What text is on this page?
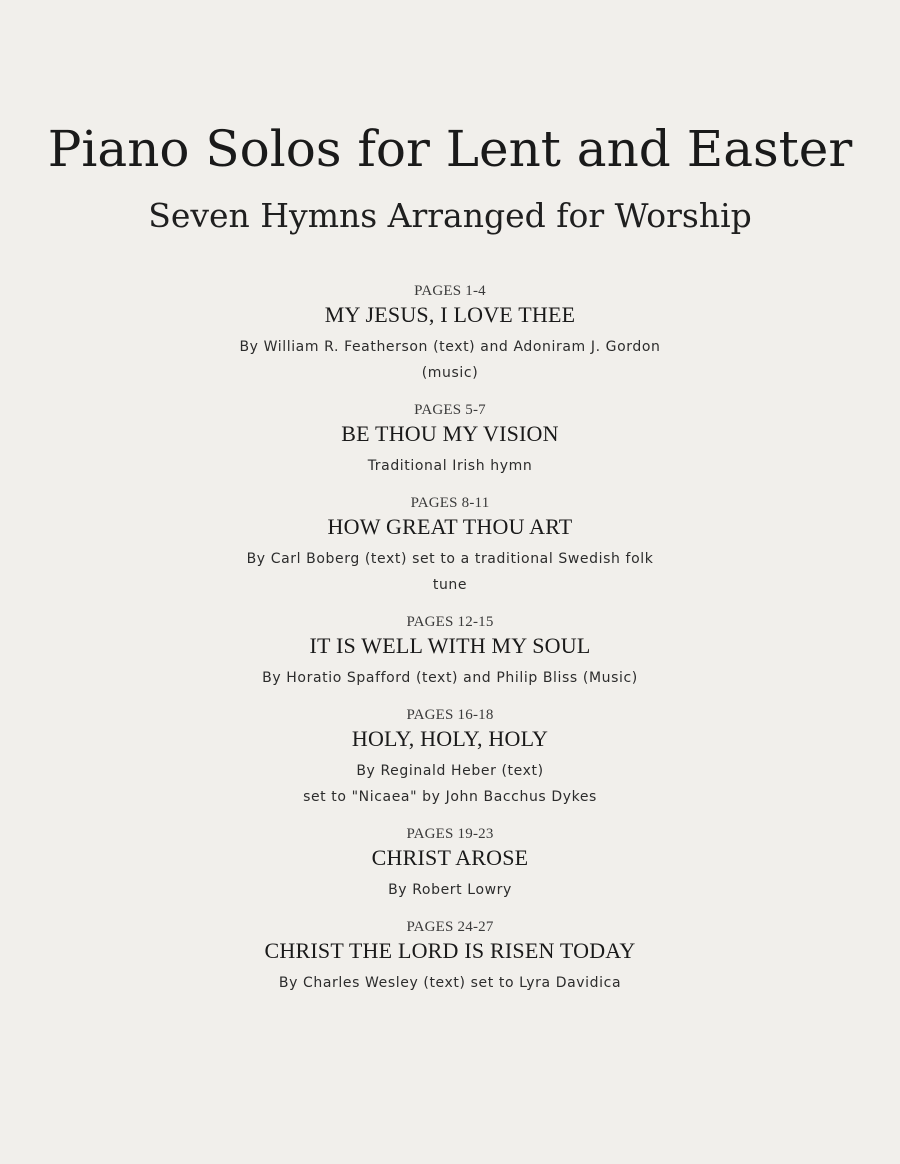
Piano Solos for Lent and Easter
Seven Hymns Arranged for Worship
PAGES 1-4
MY JESUS, I LOVE THEE
By William R. Featherson (text) and Adoniram J. Gordon (music)
PAGES 5-7
BE THOU MY VISION
Traditional Irish hymn
PAGES 8-11
HOW GREAT THOU ART
By Carl Boberg (text) set to a traditional Swedish folk tune
PAGES 12-15
IT IS WELL WITH MY SOUL
By Horatio Spafford (text) and Philip Bliss (Music)
PAGES 16-18
HOLY, HOLY, HOLY
By Reginald Heber (text)
set to "Nicaea" by John Bacchus Dykes
PAGES 19-23
CHRIST AROSE
By Robert Lowry
PAGES 24-27
CHRIST THE LORD IS RISEN TODAY
By Charles Wesley (text) set to Lyra Davidica
